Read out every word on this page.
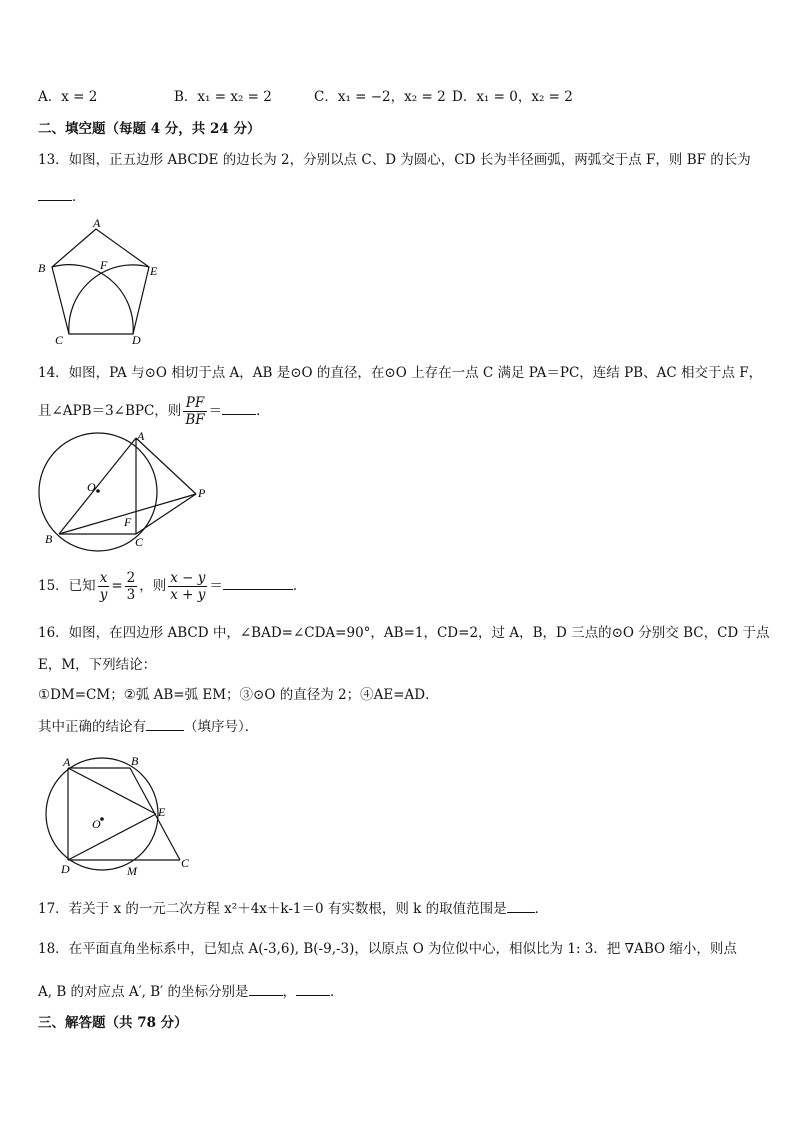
A．x = 2	B．x₁ = x₂ = 2	C．x₁ = −2，x₂ = 2 D．x₁ = 0，x₂ = 2
二、填空题（每题 4 分，共 24 分）
13．如图，正五边形 ABCDE 的边长为 2，分别以点 C、D 为圆心，CD 长为半径画弧，两弧交于点 F，则 BF 的长为
．
A
B
C	D
E
F
14．如图，PA 与⊙O 相切于点 A，AB 是⊙O 的直径，在⊙O 上存在一点 C 满足 PA＝PC，连结 PB、AC 相交于点 F，
且∠APB＝3∠BPC，则 $\frac{PF}{BF}$ ＝	．
A
O	P
F
B	C
15．已知 $\frac{x}{y} = \frac{2}{3}$ ，则 $\frac{x - y}{x + y}$ ＝	．
16．如图，在四边形 ABCD 中，∠BAD=∠CDA=90°，AB=1，CD=2，过 A，B，D 三点的⊙O 分别交 BC，CD 于点
E，M，下列结论：
①DM=CM；②弧 AB=弧 EM；③⊙O 的直径为 2；④AE=AD．
其中正确的结论有	（填序号）．
A	B
O
E
D	M
C
17．若关于 x 的一元二次方程 x²＋4x＋k-1＝0 有实数根，则 k 的取值范围是 ．
18．在平面直角坐标系中，已知点 A(-3,6), B(-9,-3)，以原点 O 为位似中心，相似比为 1: 3．把 ∇ABO 缩小，则点
A, B 的对应点 A′, B′ 的坐标分别是	，	．
三、解答题（共 78 分）
